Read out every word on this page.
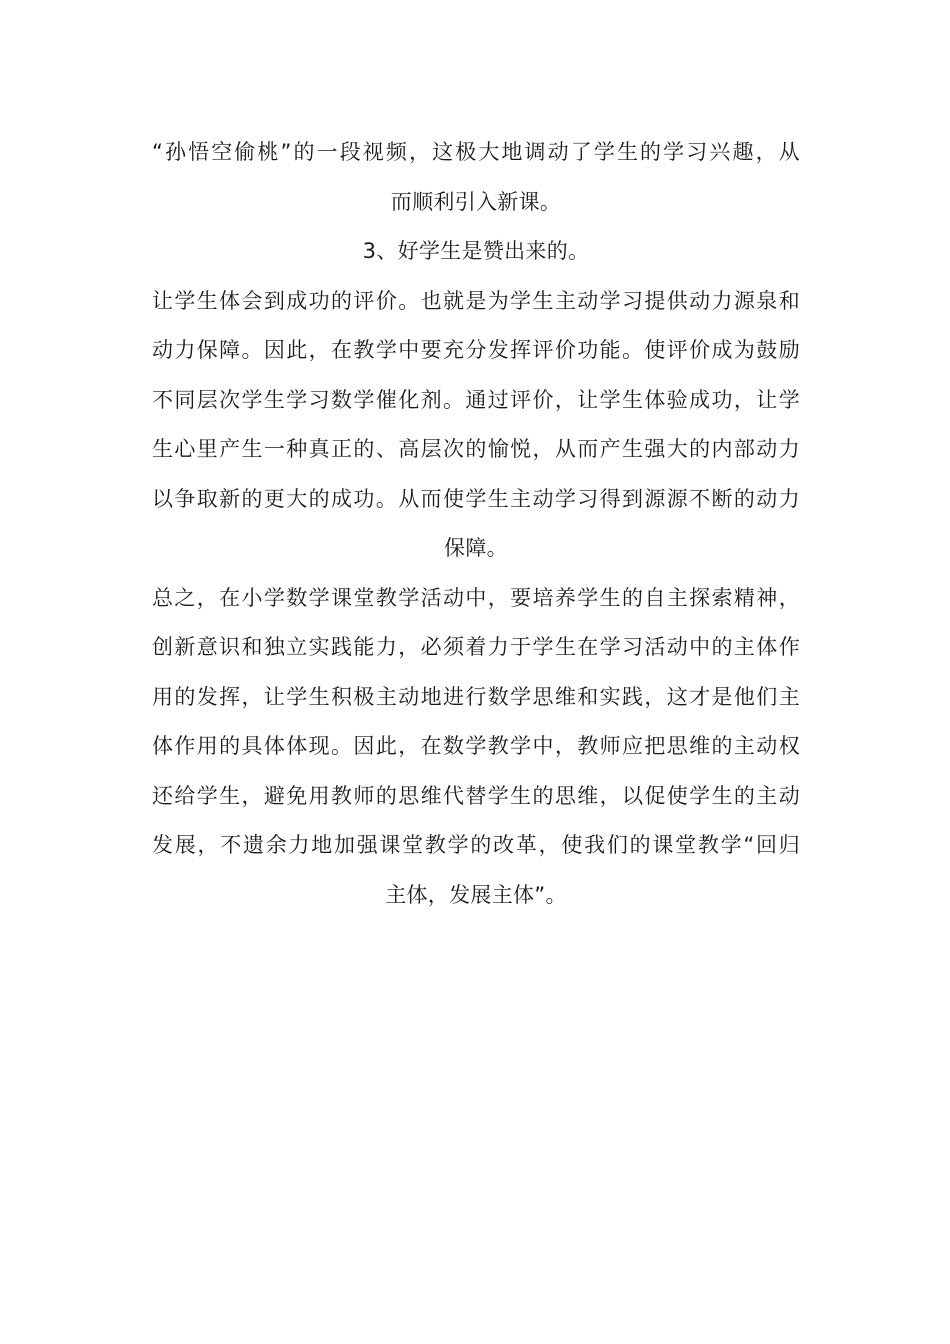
“孙悟空偷桃”的一段视频，这极大地调动了学生的学习兴趣，从
而顺利引入新课。
3、好学生是赞出来的。
让学生体会到成功的评价。也就是为学生主动学习提供动力源泉和
动力保障。因此，在教学中要充分发挥评价功能。使评价成为鼓励
不同层次学生学习数学催化剂。通过评价，让学生体验成功，让学
生心里产生一种真正的、高层次的愉悦，从而产生强大的内部动力
以争取新的更大的成功。从而使学生主动学习得到源源不断的动力
保障。
总之，在小学数学课堂教学活动中，要培养学生的自主探索精神，
创新意识和独立实践能力，必须着力于学生在学习活动中的主体作
用的发挥，让学生积极主动地进行数学思维和实践，这才是他们主
体作用的具体体现。因此，在数学教学中，教师应把思维的主动权
还给学生，避免用教师的思维代替学生的思维，以促使学生的主动
发展，不遗余力地加强课堂教学的改革，使我们的课堂教学“回归
主体，发展主体”。
